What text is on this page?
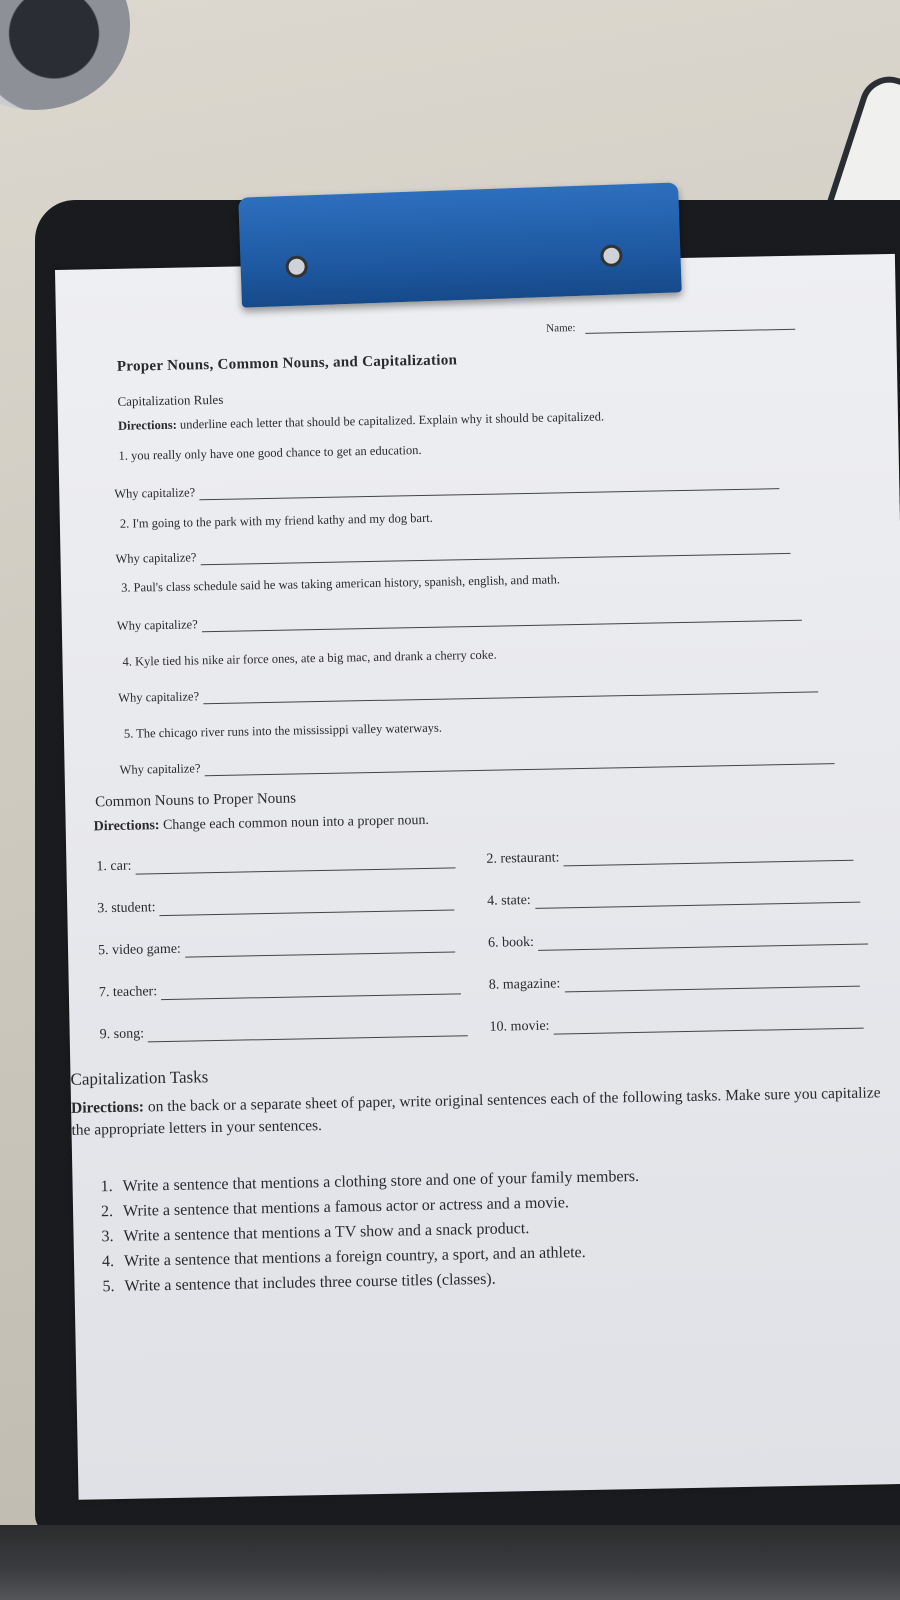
Name:
Proper Nouns, Common Nouns, and Capitalization
Capitalization Rules
Directions: underline each letter that should be capitalized. Explain why it should be capitalized.
1. you really only have one good chance to get an education.
Why capitalize?
2. I'm going to the park with my friend kathy and my dog bart.
Why capitalize?
3. Paul's class schedule said he was taking american history, spanish, english, and math.
Why capitalize?
4. Kyle tied his nike air force ones, ate a big mac, and drank a cherry coke.
Why capitalize?
5. The chicago river runs into the mississippi valley waterways.
Why capitalize?
Common Nouns to Proper Nouns
Directions: Change each common noun into a proper noun.
1. car:	2. restaurant:
3. student:	4. state:
5. video game:	6. book:
7. teacher:	8. magazine:
9. song:	10. movie:
Capitalization Tasks
Directions: on the back or a separate sheet of paper, write original sentences each of the following tasks. Make sure you capitalize the appropriate letters in your sentences.
1. Write a sentence that mentions a clothing store and one of your family members.
2. Write a sentence that mentions a famous actor or actress and a movie.
3. Write a sentence that mentions a TV show and a snack product.
4. Write a sentence that mentions a foreign country, a sport, and an athlete.
5. Write a sentence that includes three course titles (classes).
